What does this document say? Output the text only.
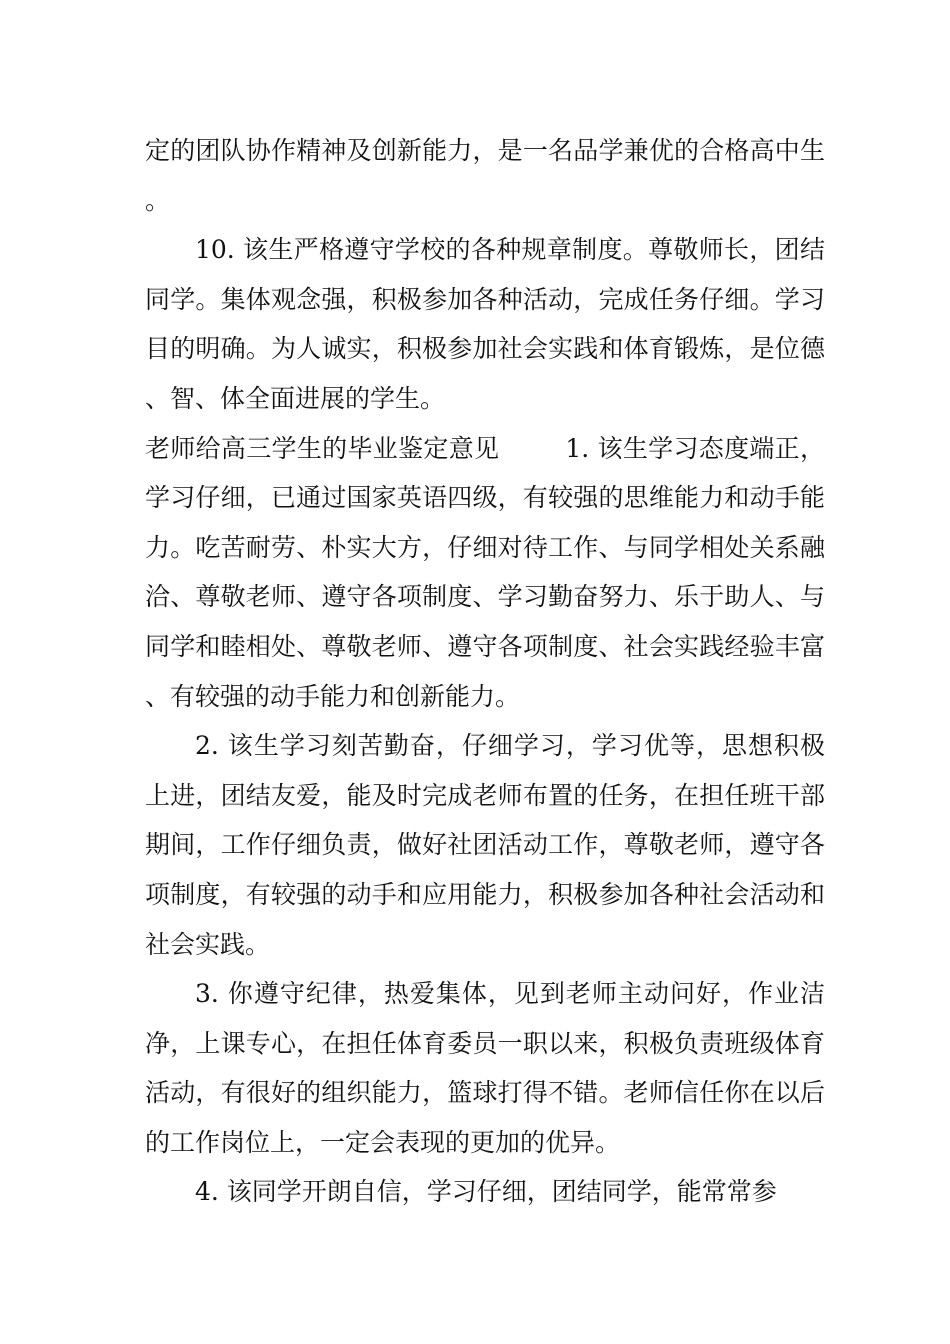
定的团队协作精神及创新能力，是一名品学兼优的合格高中生。

10. 该生严格遵守学校的各种规章制度。尊敬师长，团结同学。集体观念强，积极参加各种活动，完成任务仔细。学习目的明确。为人诚实，积极参加社会实践和体育锻炼，是位德、智、体全面进展的学生。

老师给高三学生的毕业鉴定意见	1. 该生学习态度端正，学习仔细，已通过国家英语四级，有较强的思维能力和动手能力。吃苦耐劳、朴实大方，仔细对待工作、与同学相处关系融洽、尊敬老师、遵守各项制度、学习勤奋努力、乐于助人、与同学和睦相处、尊敬老师、遵守各项制度、社会实践经验丰富、有较强的动手能力和创新能力。

2. 该生学习刻苦勤奋，仔细学习，学习优等，思想积极上进，团结友爱，能及时完成老师布置的任务，在担任班干部期间，工作仔细负责，做好社团活动工作，尊敬老师，遵守各项制度，有较强的动手和应用能力，积极参加各种社会活动和社会实践。

3. 你遵守纪律，热爱集体，见到老师主动问好，作业洁净，上课专心，在担任体育委员一职以来，积极负责班级体育活动，有很好的组织能力，篮球打得不错。老师信任你在以后的工作岗位上，一定会表现的更加的优异。

4. 该同学开朗自信，学习仔细，团结同学，能常常参
